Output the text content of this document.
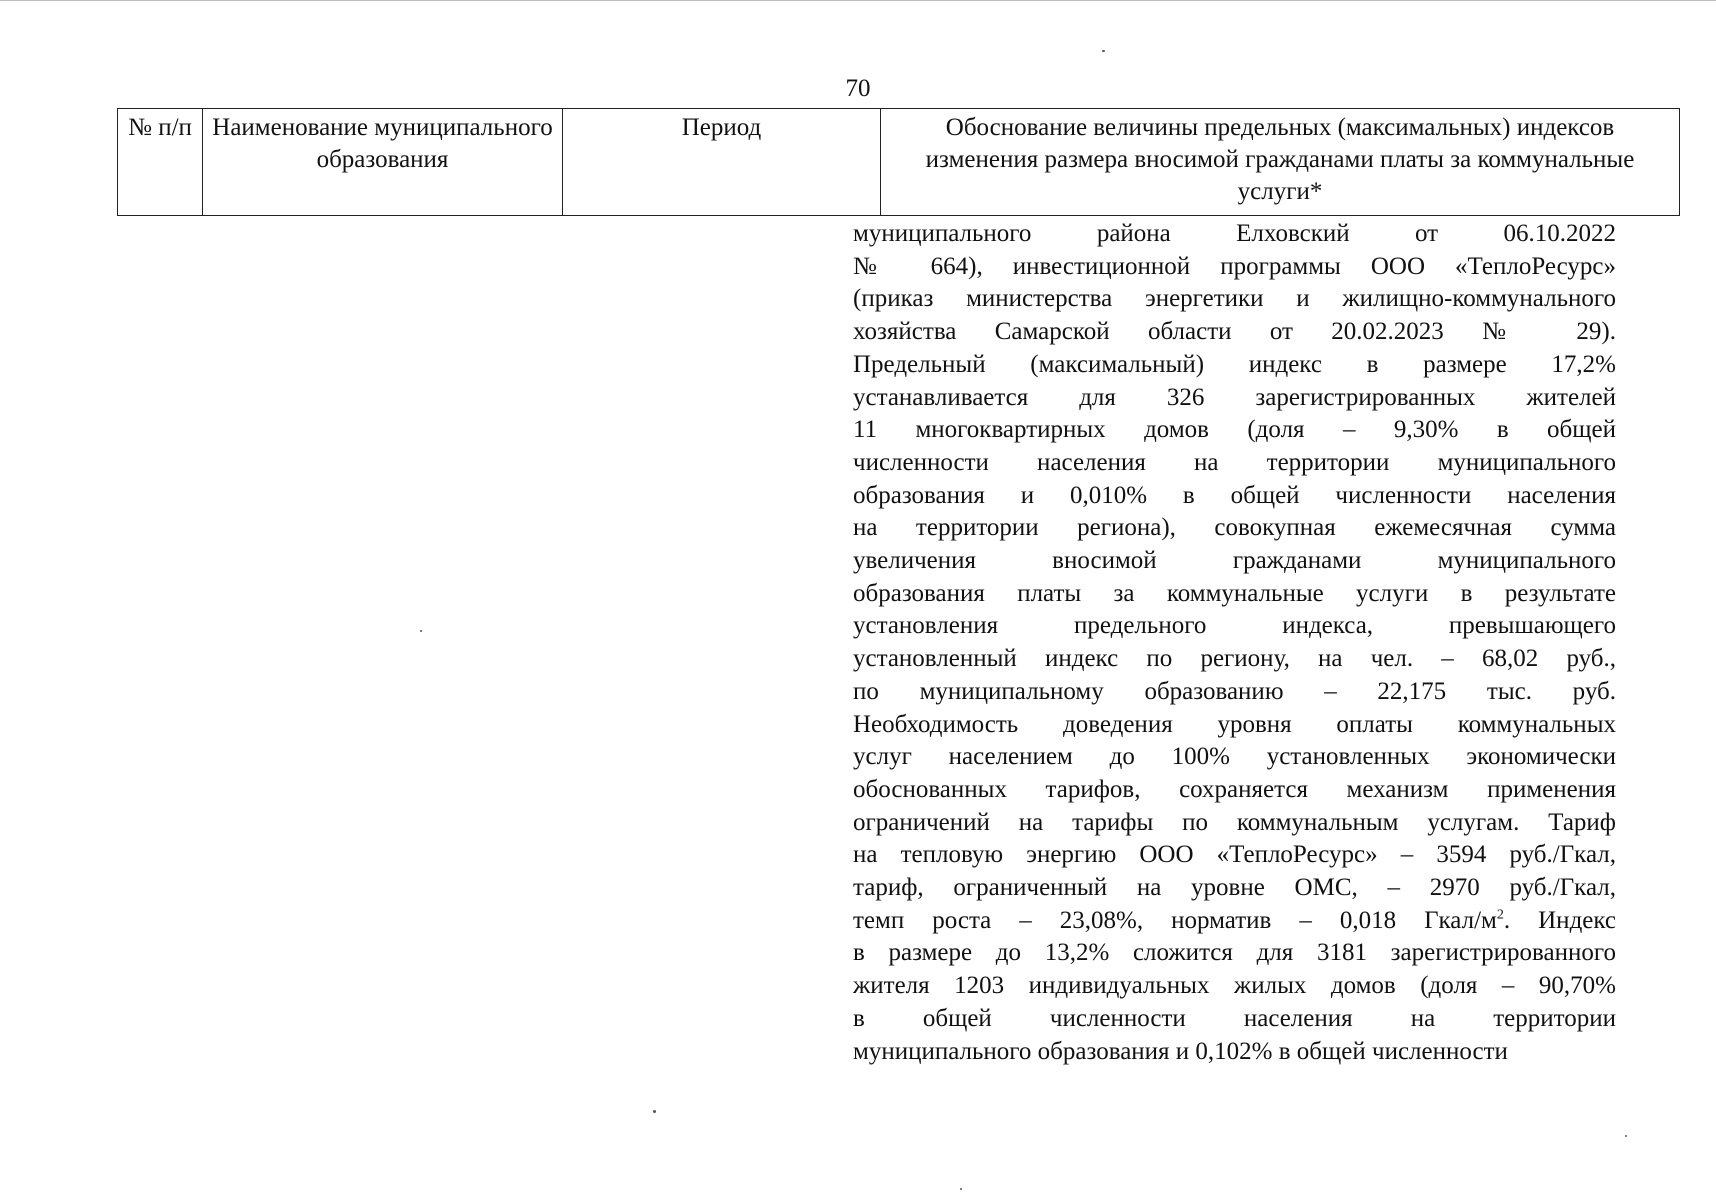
70
№ п/п	Наименование муниципального образования	Период	Обоснование величины предельных (максимальных) индексов изменения размера вносимой гражданами платы за коммунальные услуги*
муниципального района Елховский от 06.10.2022
№ 664), инвестиционной программы ООО «ТеплоРесурс»
(приказ министерства энергетики и жилищно-коммунального
хозяйства Самарской области от 20.02.2023 № 29).
Предельный (максимальный) индекс в размере 17,2%
устанавливается для 326 зарегистрированных жителей
11 многоквартирных домов (доля – 9,30% в общей
численности населения на территории муниципального
образования и 0,010% в общей численности населения
на территории региона), совокупная ежемесячная сумма
увеличения вносимой гражданами муниципального
образования платы за коммунальные услуги в результате
установления предельного индекса, превышающего
установленный индекс по региону, на чел. – 68,02 руб.,
по муниципальному образованию – 22,175 тыс. руб.
Необходимость доведения уровня оплаты коммунальных
услуг населением до 100% установленных экономически
обоснованных тарифов, сохраняется механизм применения
ограничений на тарифы по коммунальным услугам. Тариф
на тепловую энергию ООО «ТеплоРесурс» – 3594 руб./Гкал,
тариф, ограниченный на уровне ОМС, – 2970 руб./Гкал,
темп роста – 23,08%, норматив – 0,018 Гкал/$м^2$. Индекс
в размере до 13,2% сложится для 3181 зарегистрированного
жителя 1203 индивидуальных жилых домов (доля – 90,70%
в общей численности населения на территории
муниципального образования и 0,102% в общей численности
